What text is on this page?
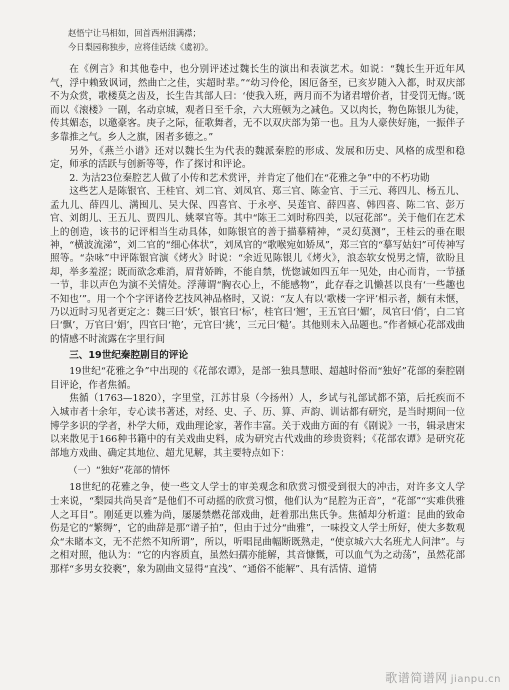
赵悟宁让马相如，回首西州泪满襟；
今日梨园称独步，应将佳话续《虞初》。

在《例言》和其他卷中，也分别评述过魏长生的演出和表演艺术。如说：“魏长生开近年风气，浮中赖致讽词，然曲亡之佳，实超时辈。”“幼习伶伦，困厄备至，已亥岁随入入都，时双庆部不为众赏，歌楼莫之齿及，长生告其部人曰：‘使我入班，两月而不为诸君增价者，甘受罚无悔。’既而以《滚楼》一剧，名动京城，观者日至千余，六大班顿为之减色。又以肉长，物色陈银儿为徒，传其媚态，以邀豪客。庚子之际，征歌舞者，无不以双庆部为第一也。且为人豪侠好施，一振伴子多靠推之气。乡人之旗，困者多德之。”

另外，《燕兰小谱》还对以魏长生为代表的魏派秦腔的形成、发展和历史、风格的成型和稳定，师承的活跃与创新等等，作了探讨和评论。

2. 为沽23位秦腔艺人做了小传和艺术赏评，并肯定了他们在“花雅之争”中的不朽功勋

这些艺人是陈银官、王桂官、刘二官、刘凤官、郑三官、陈金官、于三元、蒋四儿、杨五儿、孟九儿、薛四儿、满囤儿、吴大保、四喜官、于永亭、吴莲官、薛四喜、韩四喜、陈二官、彭万官、刘朗儿、王五儿、贾四儿、姚翠官等。其中“陈王二刘时称四美，以冠花部”。关于他们在艺术上的创造，该书的记评相当生动具体，如陈银官的善于描摹精神，“灵幻莫测”，王桂云的垂在眼神，“横波流涕”，刘二官的“细心体状”，刘凤官的“歌喉宛如娇凤”，郑三官的“摹写姑妇”可传神写照等。“杂咏”中评陈银官演《烤火》时说：“余近见陈银儿《烤火》，浪态软女悦男之情，欲盼且却，举多羞涩；既而欲念难消，眉背娇眸，不能自禁，恍惚诚如四五年一见处，由心而肯，一节搔一节，非以声色为演不关情处。浮薄谓“胸衣心上，不能感物”，此存春之讥懒甚以良有‘一些趣也不知也’”。用一个个字评诸伶艺技风神品格时，又说：“友人有以‘歌楼一字评’相示者，颇有未惬，乃以近时习见者更定之：魏三曰‘妖’，银官曰‘标’，桂官曰‘翘’，王五官曰‘媚’，凤官曰‘俏’，白二官曰‘飘’，万官曰‘娟’，四官曰‘艳’，元官曰‘挑’，三元曰‘糙’。其他则未入品题也。”作者倾心花部戏曲的情感不时流露在字里行间

三、19世纪秦腔剧目的评论

19世纪“花雅之争”中出现的《花部农谭》，是部一独具慧眼、超越时俗而“独好”花部的秦腔剧目评论，作者焦循。

焦循（1763—1820），字里堂，江苏甘泉（今扬州）人，乡试与礼部试都不第，后托疾而不入城市者十余年，专心读书著述，对经、史、子、历、算、声韵、训诂都有研究，是当时期间一位博学多识的学者，朴学大师，戏曲理论家，著作丰富。关于戏曲方面的有《剧说》一书，辑录唐宋以来散见于166种书籍中的有关戏曲史料，成为研究古代戏曲的珍贵资料；《花部农谭》是研究花部地方戏曲、确定其地位、超尤见解，其主要特点如下：

（一）“独好”花部的情怀

18世纪的花雅之争，使一些文人学士的审美观念和欣赏习惯受到很大的冲击，对许多文人学士来说，“梨园共尚昊音”是他们不可动摇的欣赏习惯，他们认为“昆腔为正音”，“花部”“实难供雅人之耳目”。刚延更以雅为尚，屡屡禁燃花部戏曲，赶着那出焦氏争。焦循却分析道：昆曲的致命伤是它的“繁缛”，它的曲辞是那“谱子拍”，但由于过分“曲雅”，一味投文人学士所好，使大多数观众“未睹本文，无不茫然不知所谓”，所以，听唱昆曲幅断既熟走，“使京城六大名班尤人问津”。与之相对照，他认为：“它的内容质直，虽然妇孺亦能解，其音慷慨，可以血气为之动荡”，虽然花部那样“多男女狡褻”，象为剧曲文显得“直浅”、“通俗不能解”、具有活情、道情

歌谱简谱网 jianpu.cn
